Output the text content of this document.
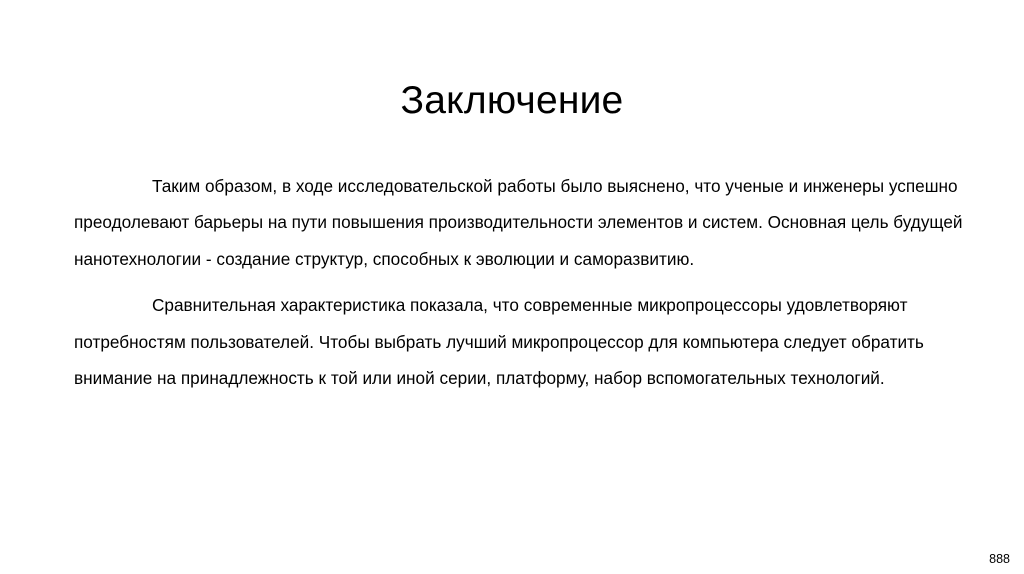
Заключение

Таким образом, в ходе исследовательской работы было выяснено, что ученые и инженеры успешно преодолевают барьеры на пути повышения производительности элементов и систем. Основная цель будущей нанотехнологии - создание структур, способных к эволюции и саморазвитию.

Сравнительная характеристика показала, что современные микропроцессоры удовлетворяют потребностям пользователей. Чтобы выбрать лучший микропроцессор для компьютера следует обратить внимание на принадлежность к той или иной серии, платформу, набор вспомогательных технологий.

888
